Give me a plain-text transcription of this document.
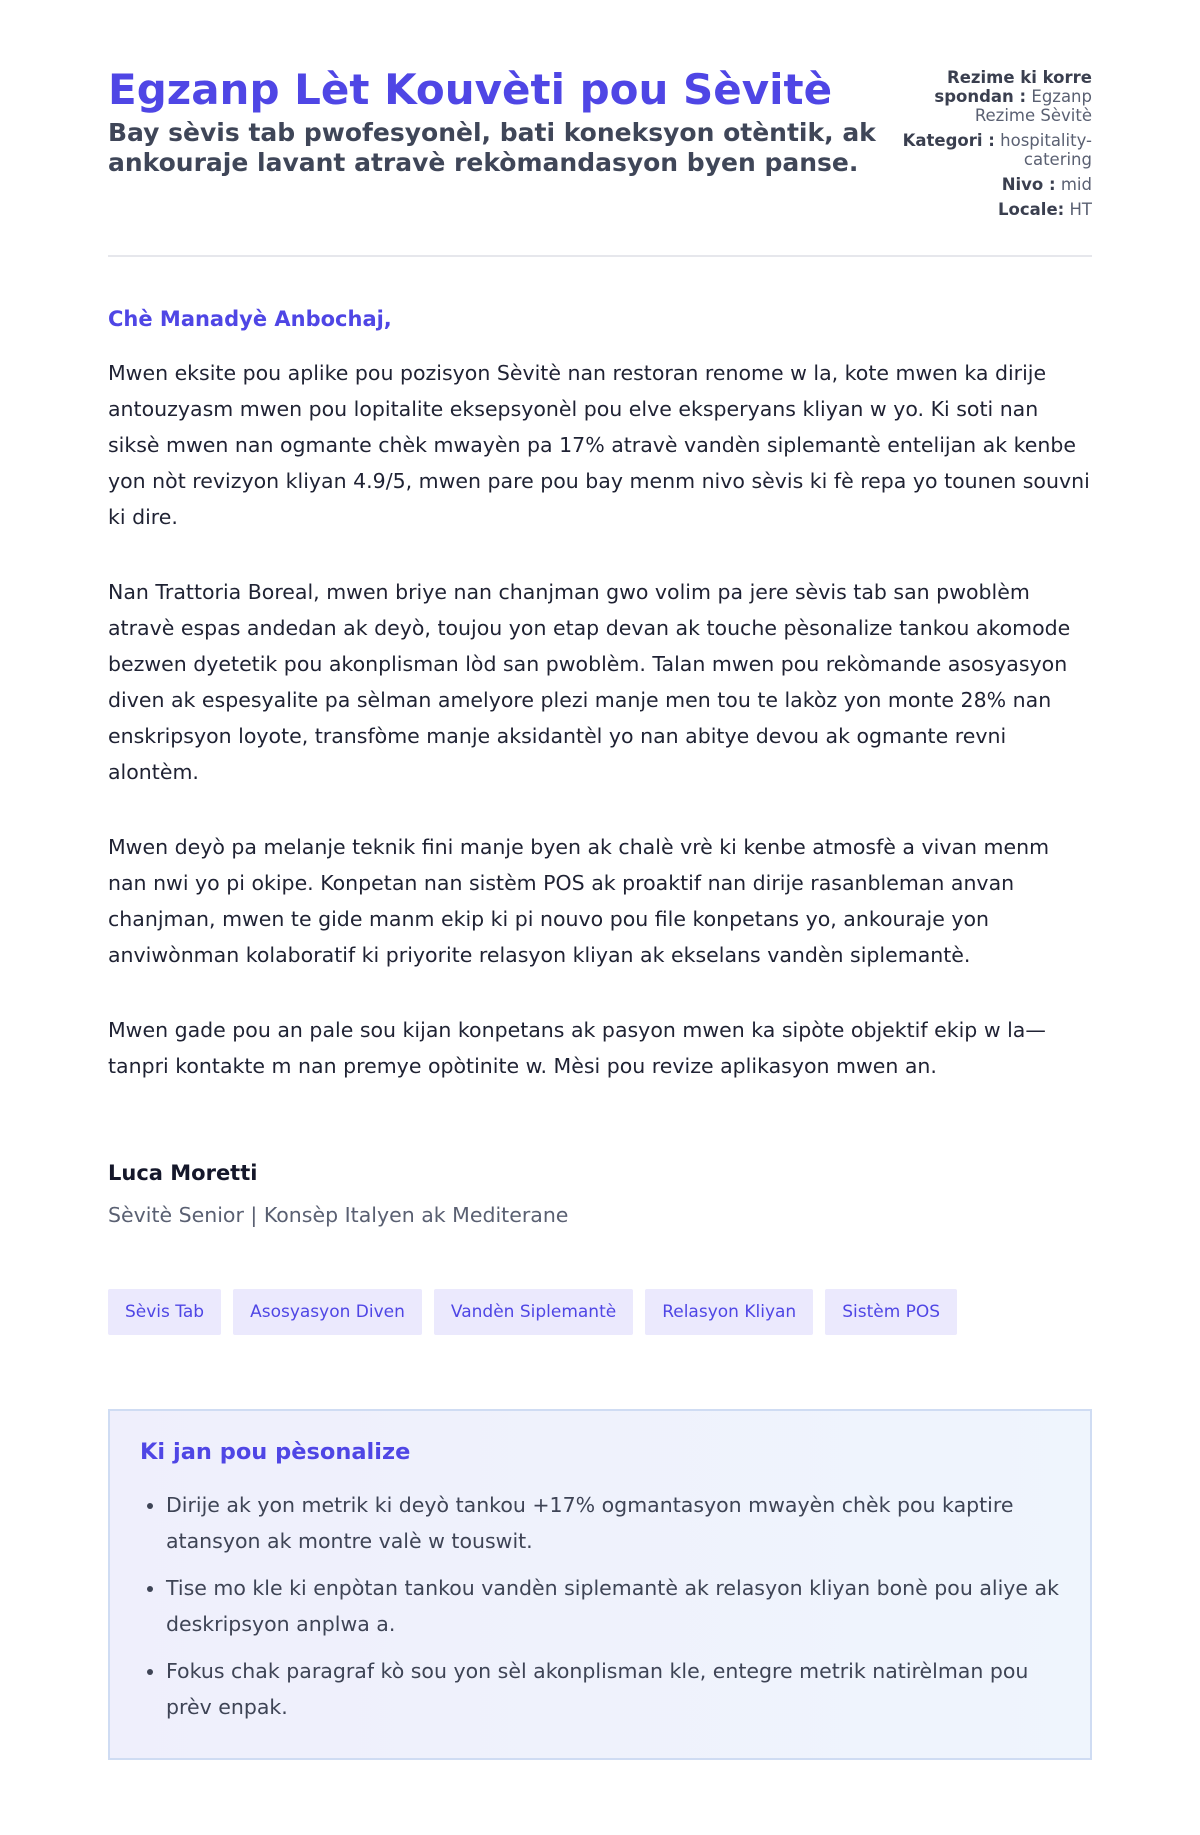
Egzanp Lèt Kouvèti pou Sèvitè

Bay sèvis tab pwofesyonèl, bati koneksyon otèntik, ak ankouraje lavant atravè rekòmandasyon byen panse.

Rezime ki korre spondan : Egzanp Rezime Sèvitè
Kategori : hospitality-catering
Nivo : mid
Locale: HT

Chè Manadyè Anbochaj,

Mwen eksite pou aplike pou pozisyon Sèvitè nan restoran renome w la, kote mwen ka dirije antouzyasm mwen pou lopitalite eksepsyonèl pou elve eksperyans kliyan w yo. Ki soti nan siksè mwen nan ogmante chèk mwayèn pa 17% atravè vandèn siplemantè entelijan ak kenbe yon nòt revizyon kliyan 4.9/5, mwen pare pou bay menm nivo sèvis ki fè repa yo tounen souvni ki dire.

Nan Trattoria Boreal, mwen briye nan chanjman gwo volim pa jere sèvis tab san pwoblèm atravè espas andedan ak deyò, toujou yon etap devan ak touche pèsonalize tankou akomode bezwen dyetetik pou akonplisman lòd san pwoblèm. Talan mwen pou rekòmande asosyasyon diven ak espesyalite pa sèlman amelyore plezi manje men tou te lakòz yon monte 28% nan enskripsyon loyote, transfòme manje aksidantèl yo nan abitye devou ak ogmante revni alontèm.

Mwen deyò pa melanje teknik fini manje byen ak chalè vrè ki kenbe atmosfè a vivan menm nan nwi yo pi okipe. Konpetan nan sistèm POS ak proaktif nan dirije rasanbleman anvan chanjman, mwen te gide manm ekip ki pi nouvo pou file konpetans yo, ankouraje yon anviwònman kolaboratif ki priyorite relasyon kliyan ak ekselans vandèn siplemantè.

Mwen gade pou an pale sou kijan konpetans ak pasyon mwen ka sipòte objektif ekip w la—tanpri kontakte m nan premye opòtinite w. Mèsi pou revize aplikasyon mwen an.

Luca Moretti
Sèvitè Senior | Konsèp Italyen ak Mediterane
Sèvis Tab	Asosyasyon Diven	Vandèn Siplemantè	Relasyon Kliyan	Sistèm POS
Ki jan pou pèsonalize
• Dirije ak yon metrik ki deyò tankou +17% ogmantasyon mwayèn chèk pou kaptire atansyon ak montre valè w touswit.
• Tise mo kle ki enpòtan tankou vandèn siplemantè ak relasyon kliyan bonè pou aliye ak deskripsyon anplwa a.
• Fokus chak paragraf kò sou yon sèl akonplisman kle, entegre metrik natirèlman pou prèv enpak.
